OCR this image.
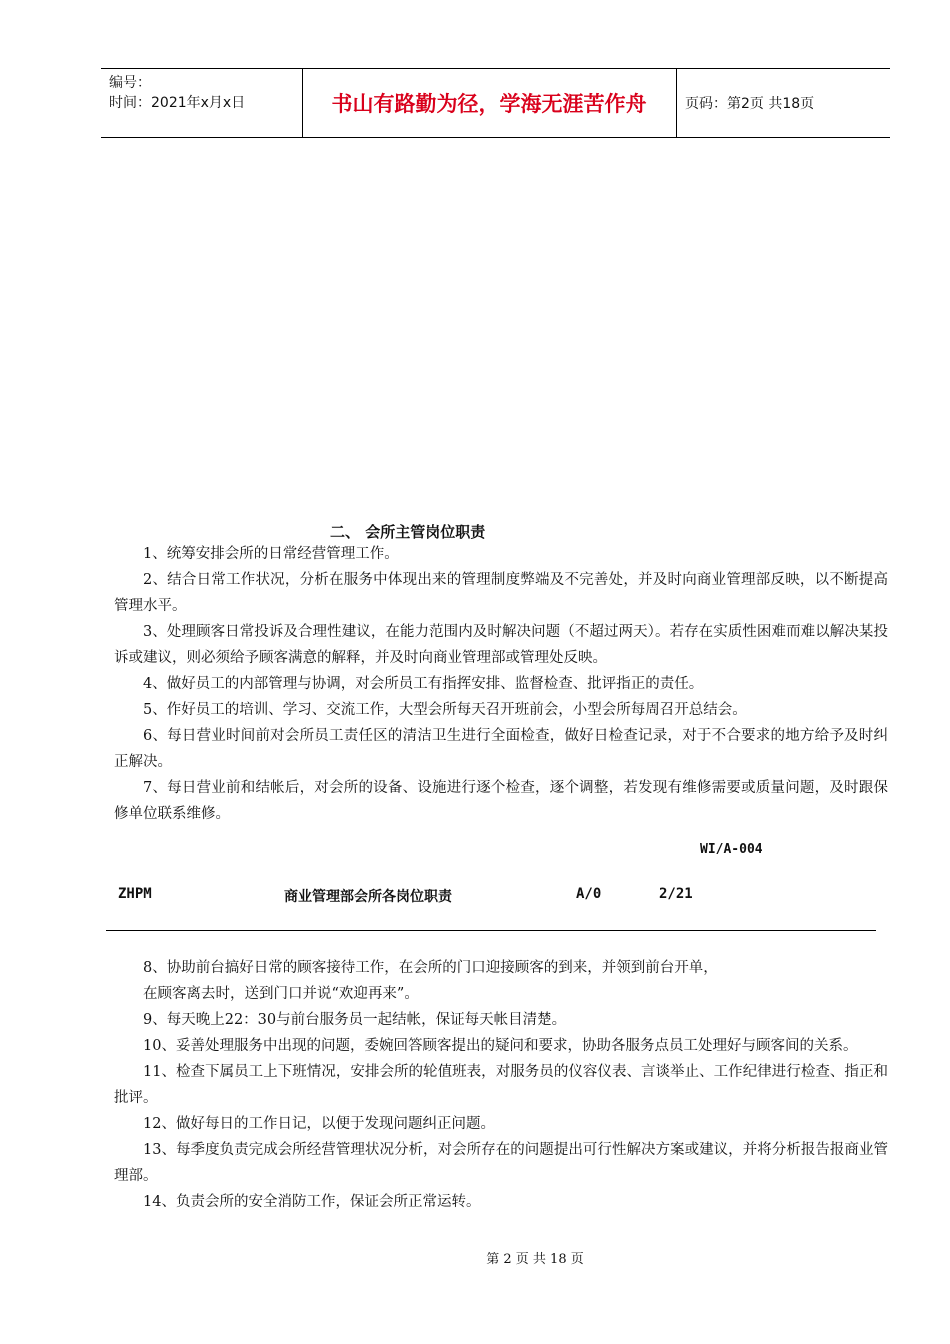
编号：
时间：2021年x月x日	书山有路勤为径，学海无涯苦作舟	页码：第2页 共18页
二、 会所主管岗位职责

1、统筹安排会所的日常经营管理工作。

2、结合日常工作状况，分析在服务中体现出来的管理制度弊端及不完善处，并及时向商业管理部反映，以不断提高管理水平。

3、处理顾客日常投诉及合理性建议，在能力范围内及时解决问题（不超过两天）。若存在实质性困难而难以解决某投诉或建议，则必须给予顾客满意的解释，并及时向商业管理部或管理处反映。

4、做好员工的内部管理与协调，对会所员工有指挥安排、监督检查、批评指正的责任。

5、作好员工的培训、学习、交流工作，大型会所每天召开班前会，小型会所每周召开总结会。

6、每日营业时间前对会所员工责任区的清洁卫生进行全面检查，做好日检查记录，对于不合要求的地方给予及时纠正解决。

7、每日营业前和结帐后，对会所的设备、设施进行逐个检查，逐个调整，若发现有维修需要或质量问题，及时跟保修单位联系维修。

WI/A-004
ZHPM	商业管理部会所各岗位职责	A/0	2/21

8、协助前台搞好日常的顾客接待工作，在会所的门口迎接顾客的到来，并领到前台开单，

在顾客离去时，送到门口并说“欢迎再来”。

9、每天晚上22：30与前台服务员一起结帐，保证每天帐目清楚。

10、妥善处理服务中出现的问题，委婉回答顾客提出的疑问和要求，协助各服务点员工处理好与顾客间的关系。

11、检查下属员工上下班情况，安排会所的轮值班表，对服务员的仪容仪表、言谈举止、工作纪律进行检查、指正和批评。

12、做好每日的工作日记，以便于发现问题纠正问题。

13、每季度负责完成会所经营管理状况分析，对会所存在的问题提出可行性解决方案或建议，并将分析报告报商业管理部。

14、负责会所的安全消防工作，保证会所正常运转。

第 2 页 共 18 页
